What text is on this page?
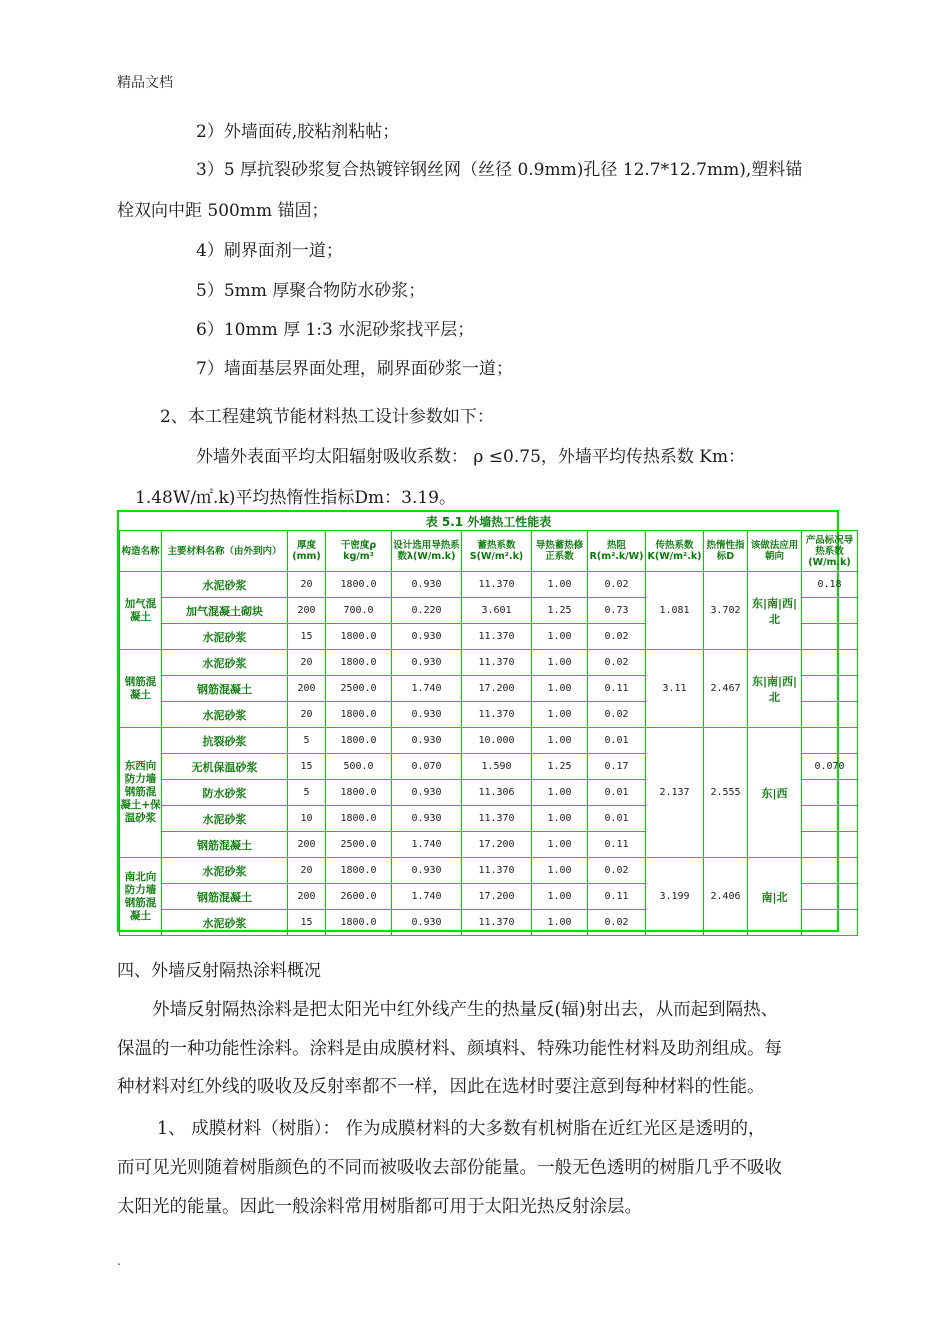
精品文档
2）外墙面砖,胶粘剂粘帖；
3）5 厚抗裂砂浆复合热镀锌钢丝网（丝径 0.9mm)孔径 12.7*12.7mm),塑料锚
栓双向中距 500mm 锚固；
4）刷界面剂一道；
5）5mm 厚聚合物防水砂浆；
6）10mm 厚 1:3 水泥砂浆找平层；
7）墙面基层界面处理，刷界面砂浆一道；
2、本工程建筑节能材料热工设计参数如下：
外墙外表面平均太阳辐射吸收系数： ρ ≤0.75，外墙平均传热系数 Km：
1.48W/㎡.k)平均热惰性指标Dm：3.19。
表 5.1 外墙热工性能表											
构造名称	主要材料名称（由外到内）	厚度(mm)	干密度ρ kg/m³	设计选用导热系数λ(W/m.k)	蓄热系数S(W/m².k)	导热蓄热修正系数	热阻R(m².k/W)	传热系数K(W/m².k)	热惰性指标D	该做法应用朝向	产品标况导热系数(W/m.k)
加气混凝土	水泥砂浆	20	1800.0	0.930	11.370	1.00	0.02	1.081	3.702	东|南|西|北	0.18
	加气混凝土砌块	200	700.0	0.220	3.601	1.25	0.73				
	水泥砂浆	15	1800.0	0.930	11.370	1.00	0.02				
钢筋混凝土	水泥砂浆	20	1800.0	0.930	11.370	1.00	0.02	3.11	2.467	东|南|西|北	
	钢筋混凝土	200	2500.0	1.740	17.200	1.00	0.11				
	水泥砂浆	20	1800.0	0.930	11.370	1.00	0.02				
东西向防力墙钢筋混凝土+保温砂浆	抗裂砂浆	5	1800.0	0.930	10.000	1.00	0.01	2.137	2.555	东|西	
	无机保温砂浆	15	500.0	0.070	1.590	1.25	0.17				0.070
	防水砂浆	5	1800.0	0.930	11.306	1.00	0.01				
	水泥砂浆	10	1800.0	0.930	11.370	1.00	0.01				
	钢筋混凝土	200	2500.0	1.740	17.200	1.00	0.11				
南北向防力墙钢筋混凝土	水泥砂浆	20	1800.0	0.930	11.370	1.00	0.02	3.199	2.406	南|北	
	钢筋混凝土	200	2600.0	1.740	17.200	1.00	0.11				
	水泥砂浆	15	1800.0	0.930	11.370	1.00	0.02				
四、外墙反射隔热涂料概况
外墙反射隔热涂料是把太阳光中红外线产生的热量反(辐)射出去，从而起到隔热、
保温的一种功能性涂料。涂料是由成膜材料、颜填料、特殊功能性材料及助剂组成。每
种材料对红外线的吸收及反射率都不一样，因此在选材时要注意到每种材料的性能。
1、 成膜材料（树脂）： 作为成膜材料的大多数有机树脂在近红光区是透明的，
而可见光则随着树脂颜色的不同而被吸收去部份能量。一般无色透明的树脂几乎不吸收
太阳光的能量。因此一般涂料常用树脂都可用于太阳光热反射涂层。
.
